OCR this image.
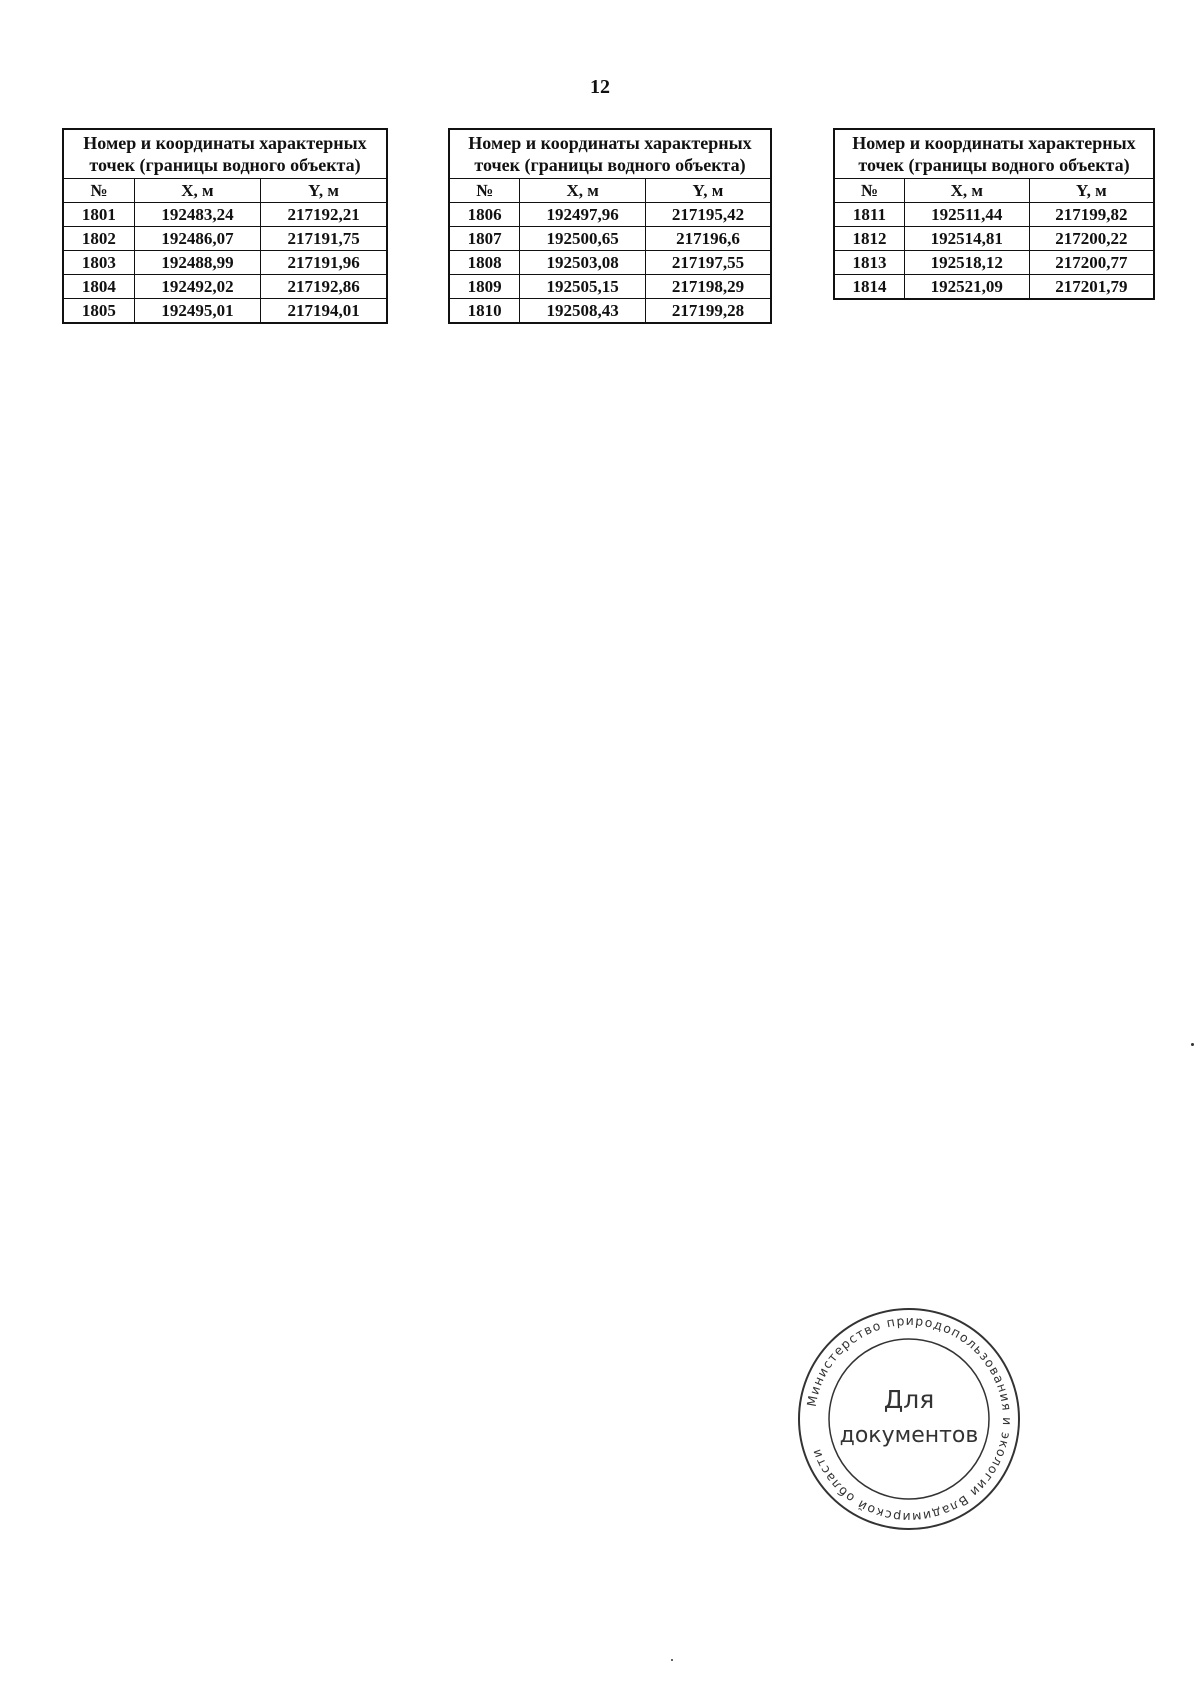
12
Номер и координаты характерных точек (границы водного объекта)		
№	X, м	Y, м
1801	192483,24	217192,21
1802	192486,07	217191,75
1803	192488,99	217191,96
1804	192492,02	217192,86
1805	192495,01	217194,01
Номер и координаты характерных точек (границы водного объекта)		
№	X, м	Y, м
1806	192497,96	217195,42
1807	192500,65	217196,6
1808	192503,08	217197,55
1809	192505,15	217198,29
1810	192508,43	217199,28
Номер и координаты характерных точек (границы водного объекта)		
№	X, м	Y, м
1811	192511,44	217199,82
1812	192514,81	217200,22
1813	192518,12	217200,77
1814	192521,09	217201,79
Министерство природопользования и экологии Владимирской области
Для
документов
